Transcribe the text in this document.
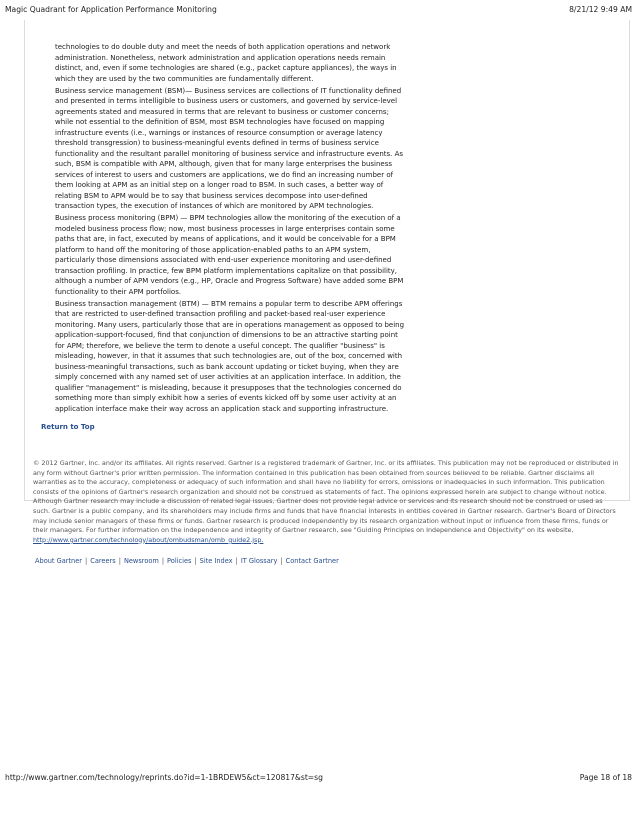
Magic Quadrant for Application Performance Monitoring	8/21/12 9:49 AM

technologies to do double duty and meet the needs of both application operations and network administration. Nonetheless, network administration and application operations needs remain distinct, and, even if some technologies are shared (e.g., packet capture appliances), the ways in which they are used by the two communities are fundamentally different.

Business service management (BSM)— Business services are collections of IT functionality defined and presented in terms intelligible to business users or customers, and governed by service-level agreements stated and measured in terms that are relevant to business or customer concerns; while not essential to the definition of BSM, most BSM technologies have focused on mapping infrastructure events (i.e., warnings or instances of resource consumption or average latency threshold transgression) to business-meaningful events defined in terms of business service functionality and the resultant parallel monitoring of business service and infrastructure events. As such, BSM is compatible with APM, although, given that for many large enterprises the business services of interest to users and customers are applications, we do find an increasing number of them looking at APM as an initial step on a longer road to BSM. In such cases, a better way of relating BSM to APM would be to say that business services decompose into user-defined transaction types, the execution of instances of which are monitored by APM technologies.

Business process monitoring (BPM) — BPM technologies allow the monitoring of the execution of a modeled business process flow; now, most business processes in large enterprises contain some paths that are, in fact, executed by means of applications, and it would be conceivable for a BPM platform to hand off the monitoring of those application-enabled paths to an APM system, particularly those dimensions associated with end-user experience monitoring and user-defined transaction profiling. In practice, few BPM platform implementations capitalize on that possibility, although a number of APM vendors (e.g., HP, Oracle and Progress Software) have added some BPM functionality to their APM portfolios.

Business transaction management (BTM) — BTM remains a popular term to describe APM offerings that are restricted to user-defined transaction profiling and packet-based real-user experience monitoring. Many users, particularly those that are in operations management as opposed to being application-support-focused, find that conjunction of dimensions to be an attractive starting point for APM; therefore, we believe the term to denote a useful concept. The qualifier "business" is misleading, however, in that it assumes that such technologies are, out of the box, concerned with business-meaningful transactions, such as bank account updating or ticket buying, when they are simply concerned with any named set of user activities at an application interface. In addition, the qualifier "management" is misleading, because it presupposes that the technologies concerned do something more than simply exhibit how a series of events kicked off by some user activity at an application interface make their way across an application stack and supporting infrastructure.

Return to Top
© 2012 Gartner, Inc. and/or its affiliates. All rights reserved. Gartner is a registered trademark of Gartner, Inc. or its affiliates. This publication may not be reproduced or distributed in any form without Gartner's prior written permission. The information contained in this publication has been obtained from sources believed to be reliable. Gartner disclaims all warranties as to the accuracy, completeness or adequacy of such information and shall have no liability for errors, omissions or inadequacies in such information. This publication consists of the opinions of Gartner's research organization and should not be construed as statements of fact. The opinions expressed herein are subject to change without notice. Although Gartner research may include a discussion of related legal issues, Gartner does not provide legal advice or services and its research should not be construed or used as such. Gartner is a public company, and its shareholders may include firms and funds that have financial interests in entities covered in Gartner research. Gartner's Board of Directors may include senior managers of these firms or funds. Gartner research is produced independently by its research organization without input or influence from these firms, funds or their managers. For further information on the independence and integrity of Gartner research, see "Guiding Principles on Independence and Objectivity" on its website, http://www.gartner.com/technology/about/ombudsman/omb_guide2.jsp.
About Gartner | Careers | Newsroom | Policies | Site Index | IT Glossary | Contact Gartner
http://www.gartner.com/technology/reprints.do?id=1-1BRDEW5&ct=120817&st=sg	Page 18 of 18
